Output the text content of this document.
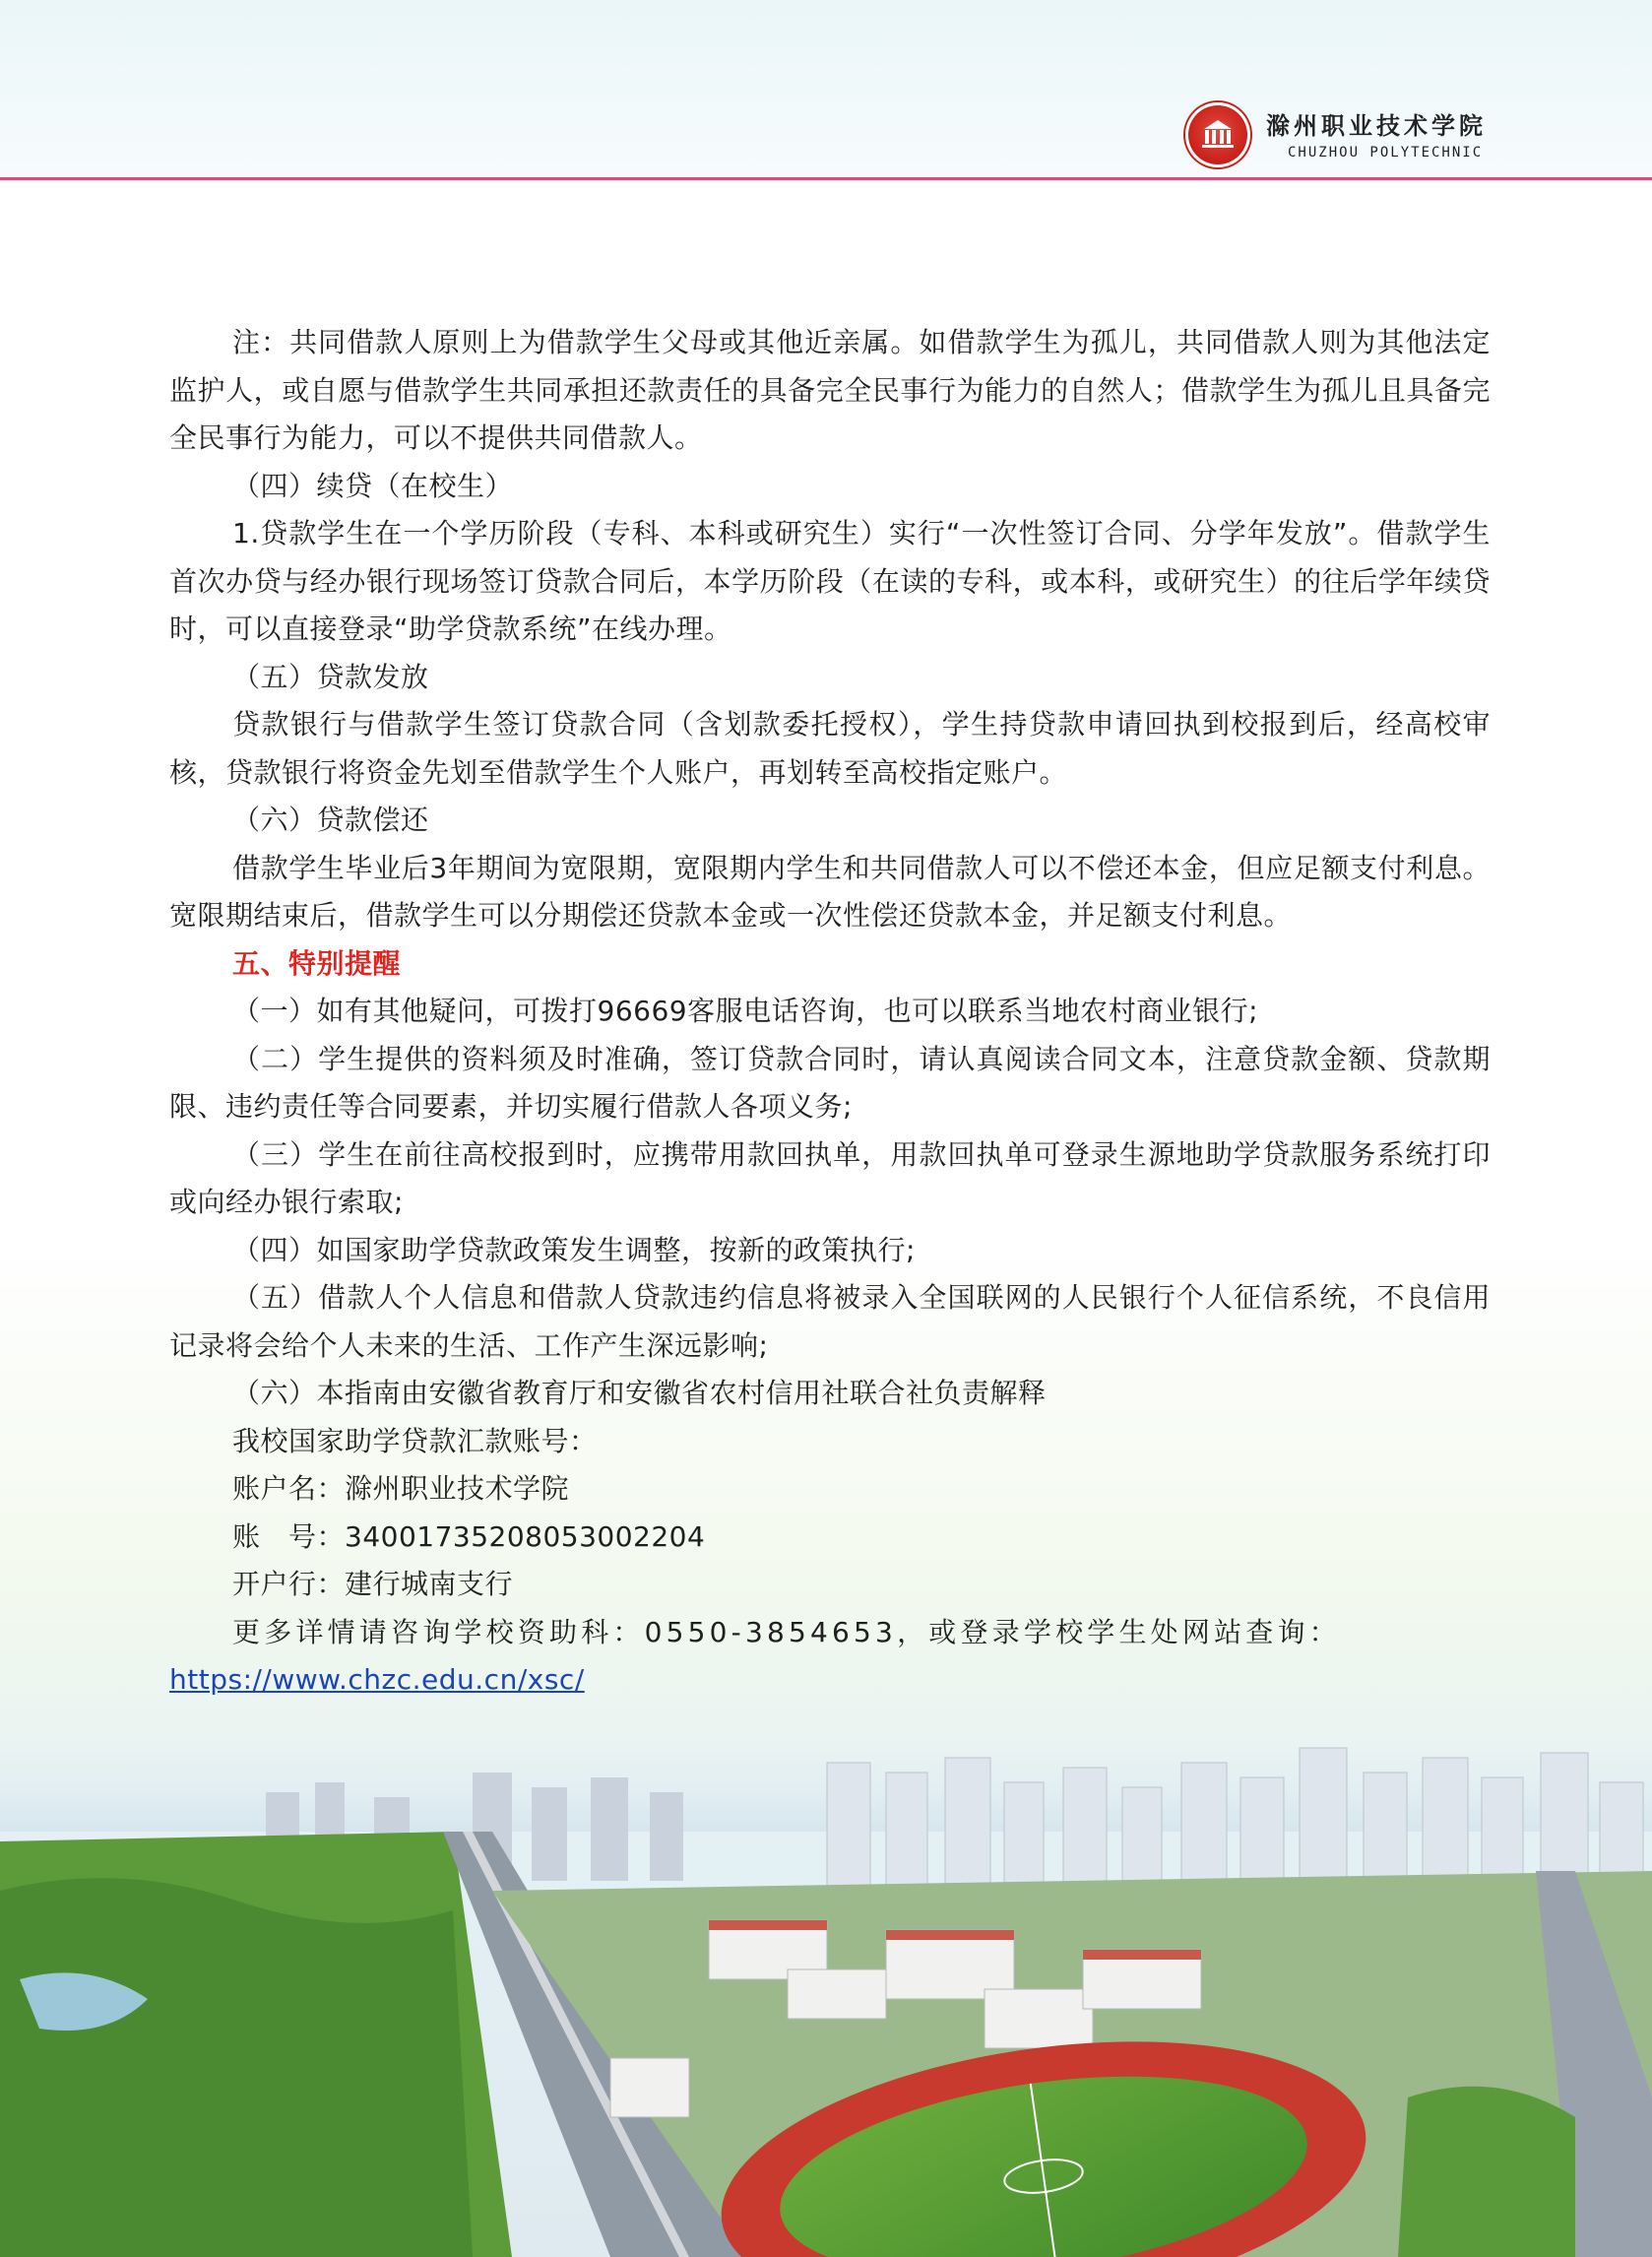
滁州职业技术学院
CHUZHOU POLYTECHNIC

注：共同借款人原则上为借款学生父母或其他近亲属。如借款学生为孤儿，共同借款人则为其他法定监护人，或自愿与借款学生共同承担还款责任的具备完全民事行为能力的自然人；借款学生为孤儿且具备完全民事行为能力，可以不提供共同借款人。

（四）续贷（在校生）

1.贷款学生在一个学历阶段（专科、本科或研究生）实行“一次性签订合同、分学年发放”。借款学生首次办贷与经办银行现场签订贷款合同后，本学历阶段（在读的专科，或本科，或研究生）的往后学年续贷时，可以直接登录“助学贷款系统”在线办理。

（五）贷款发放

贷款银行与借款学生签订贷款合同（含划款委托授权），学生持贷款申请回执到校报到后，经高校审核，贷款银行将资金先划至借款学生个人账户，再划转至高校指定账户。

（六）贷款偿还

借款学生毕业后3年期间为宽限期，宽限期内学生和共同借款人可以不偿还本金，但应足额支付利息。宽限期结束后，借款学生可以分期偿还贷款本金或一次性偿还贷款本金，并足额支付利息。

五、特别提醒

（一）如有其他疑问，可拨打96669客服电话咨询，也可以联系当地农村商业银行;

（二）学生提供的资料须及时准确，签订贷款合同时，请认真阅读合同文本，注意贷款金额、贷款期限、违约责任等合同要素，并切实履行借款人各项义务;

（三）学生在前往高校报到时，应携带用款回执单，用款回执单可登录生源地助学贷款服务系统打印或向经办银行索取;

（四）如国家助学贷款政策发生调整，按新的政策执行;

（五）借款人个人信息和借款人贷款违约信息将被录入全国联网的人民银行个人征信系统，不良信用记录将会给个人未来的生活、工作产生深远影响;

（六）本指南由安徽省教育厅和安徽省农村信用社联合社负责解释

我校国家助学贷款汇款账号：

账户名：滁州职业技术学院

账　号：34001735208053002204

开户行：建行城南支行

更多详情请咨询学校资助科：0550-3854653，或登录学校学生处网站查询：

https://www.chzc.edu.cn/xsc/
